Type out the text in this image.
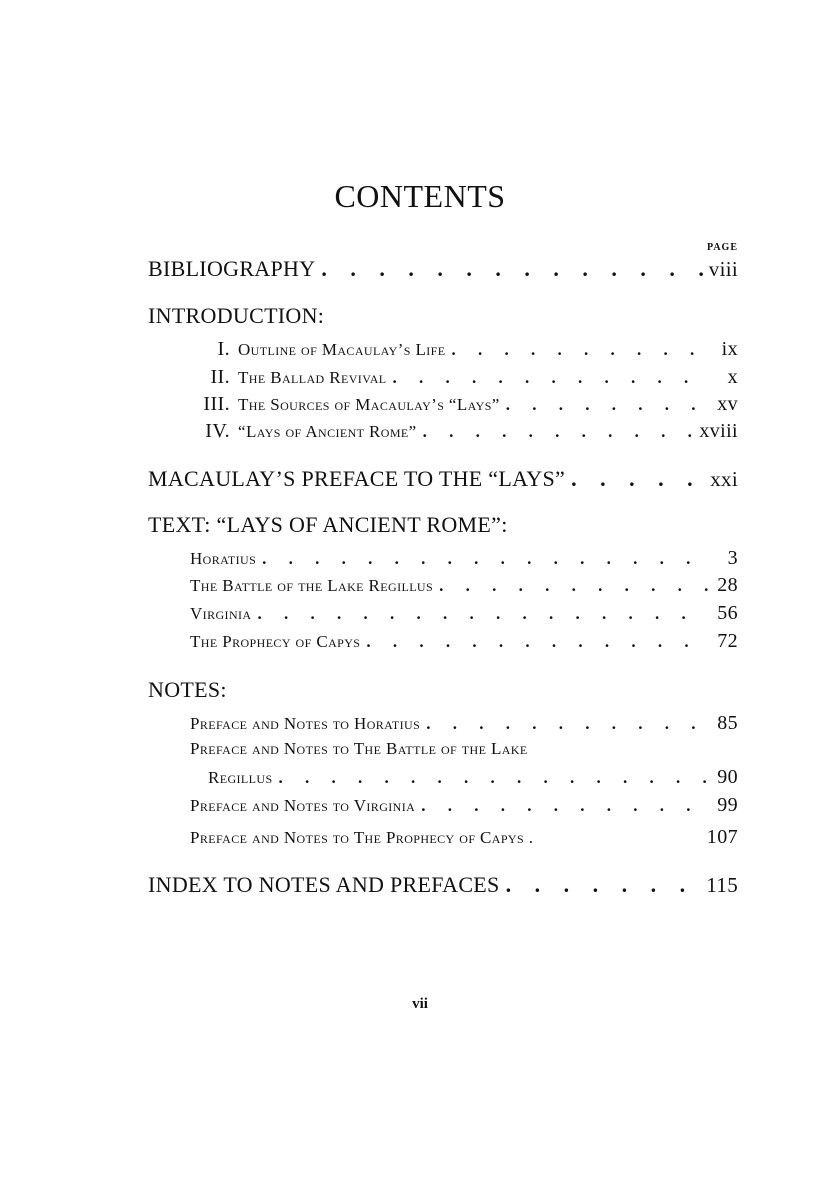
CONTENTS
PAGE
BIBLIOGRAPHY . . .	viii
INTRODUCTION:
I. Outline of Macaulay’s Life . . .	ix
II. The Ballad Revival . . .	x
III. The Sources of Macaulay’s “Lays” . . .	xv
IV. “Lays of Ancient Rome” . . .	xviii
MACAULAY’S PREFACE TO THE “LAYS” . . .	xxi
TEXT: “LAYS OF ANCIENT ROME”:
Horatius . . .	3
The Battle of the Lake Regillus . . .	28
Virginia . . .	56
The Prophecy of Capys . . .	72
NOTES:
Preface and Notes to Horatius . . .	85
Preface and Notes to The Battle of the Lake
Regillus . . .	90
Preface and Notes to Virginia . . .	99
Preface and Notes to The Prophecy of Capys .	107
INDEX TO NOTES AND PREFACES . . .	115
vii
